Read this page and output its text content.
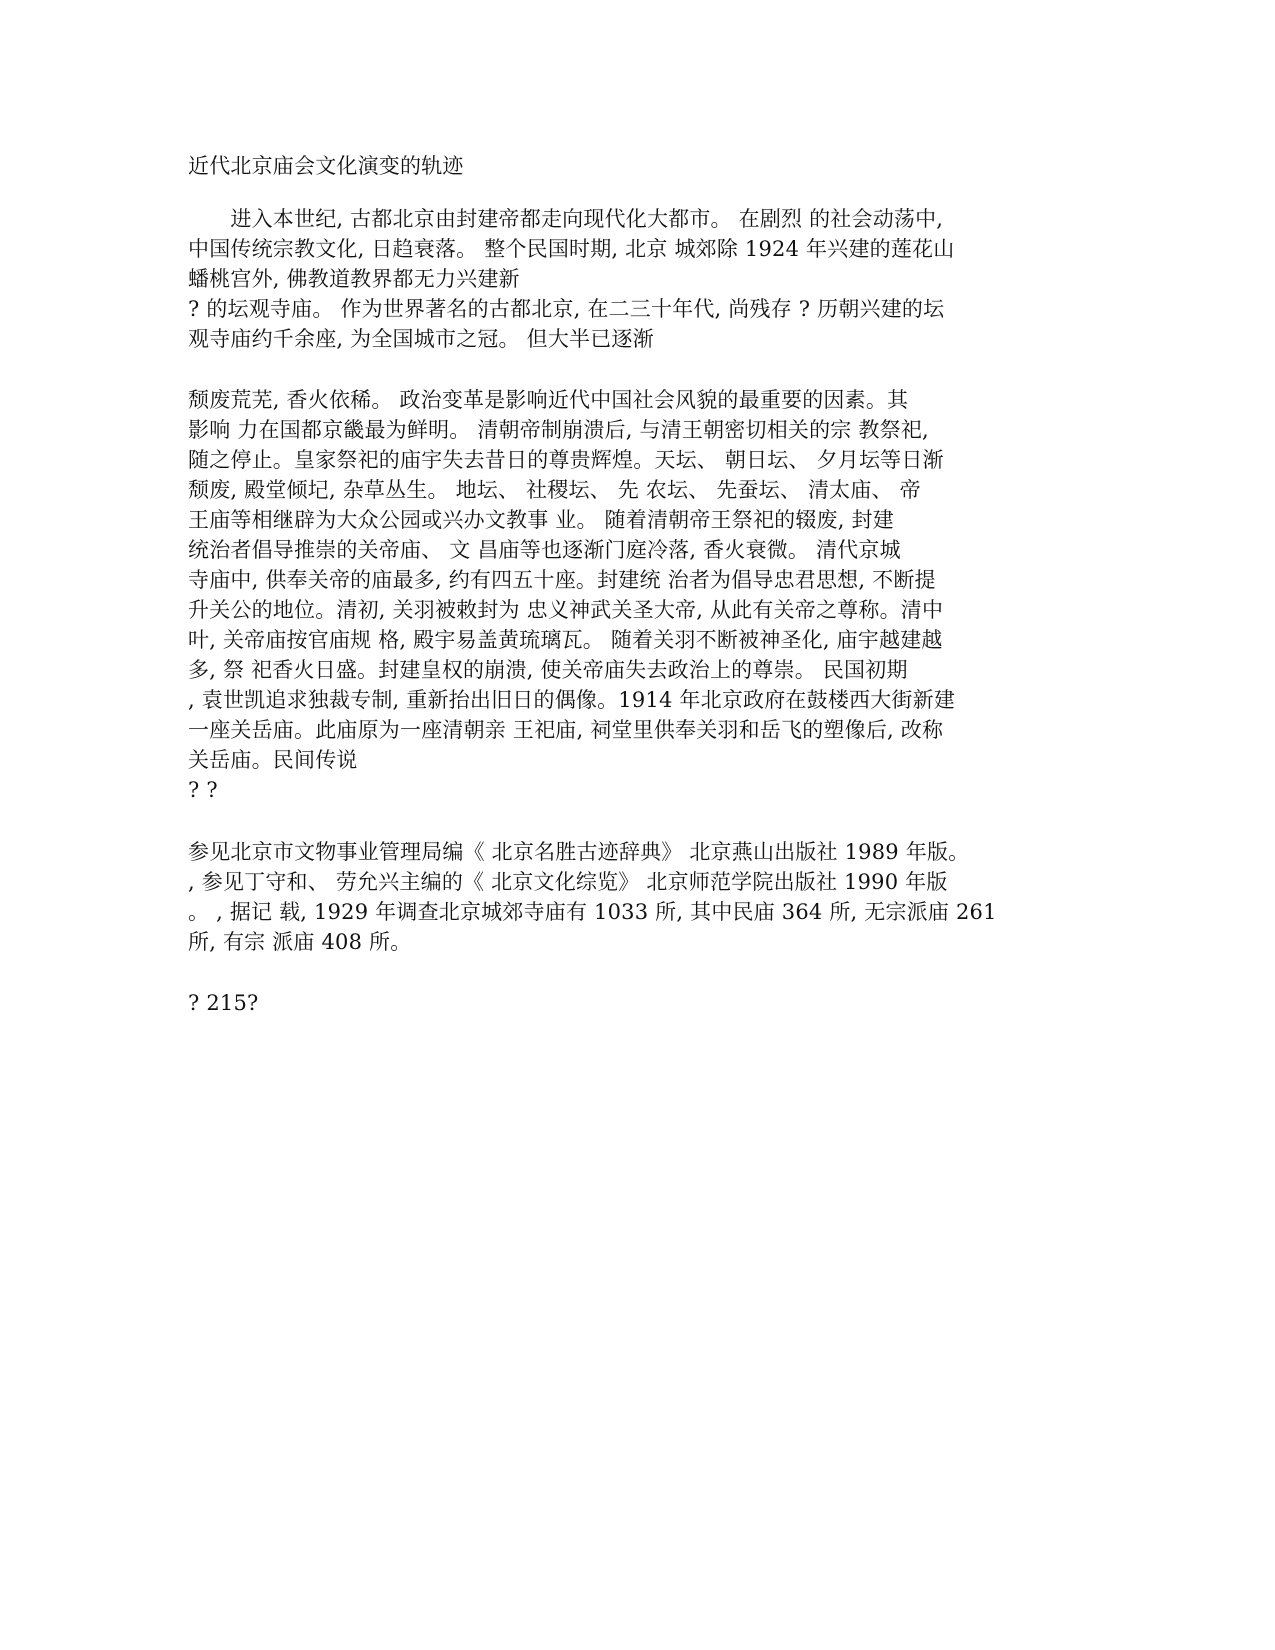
近代北京庙会文化演变的轨迹
　　进入本世纪, 古都北京由封建帝都走向现代化大都市。 在剧烈 的社会动荡中,
中国传统宗教文化, 日趋衰落。 整个民国时期, 北京 城郊除 1924 年兴建的莲花山
蟠桃宫外, 佛教道教界都无力兴建新
? 的坛观寺庙。 作为世界著名的古都北京, 在二三十年代, 尚残存 ? 历朝兴建的坛
观寺庙约千余座, 为全国城市之冠。 但大半已逐渐
颓废荒芜, 香火依稀。 政治变革是影响近代中国社会风貌的最重要的因素。其
影响 力在国都京畿最为鲜明。 清朝帝制崩溃后, 与清王朝密切相关的宗 教祭祀,
随之停止。皇家祭祀的庙宇失去昔日的尊贵辉煌。天坛、 朝日坛、 夕月坛等日渐
颓废, 殿堂倾圮, 杂草丛生。 地坛、 社稷坛、 先 农坛、 先蚕坛、 清太庙、 帝
王庙等相继辟为大众公园或兴办文教事 业。 随着清朝帝王祭祀的辍废, 封建
统治者倡导推崇的关帝庙、 文 昌庙等也逐渐门庭冷落, 香火衰微。 清代京城
寺庙中, 供奉关帝的庙最多, 约有四五十座。封建统 治者为倡导忠君思想, 不断提
升关公的地位。清初, 关羽被敕封为 忠义神武关圣大帝, 从此有关帝之尊称。清中
叶, 关帝庙按官庙规 格, 殿宇易盖黄琉璃瓦。 随着关羽不断被神圣化, 庙宇越建越
多, 祭 祀香火日盛。封建皇权的崩溃, 使关帝庙失去政治上的尊崇。 民国初期
, 袁世凯追求独裁专制, 重新抬出旧日的偶像。1914 年北京政府在鼓楼西大街新建
一座关岳庙。此庙原为一座清朝亲 王祀庙, 祠堂里供奉关羽和岳飞的塑像后, 改称
关岳庙。民间传说
? ?
参见北京市文物事业管理局编《 北京名胜古迹辞典》 北京燕山出版社 1989 年版。
, 参见丁守和、 劳允兴主编的《 北京文化综览》 北京师范学院出版社 1990 年版
。 , 据记 载, 1929 年调查北京城郊寺庙有 1033 所, 其中民庙 364 所, 无宗派庙 261
所, 有宗 派庙 408 所。
? 215?
